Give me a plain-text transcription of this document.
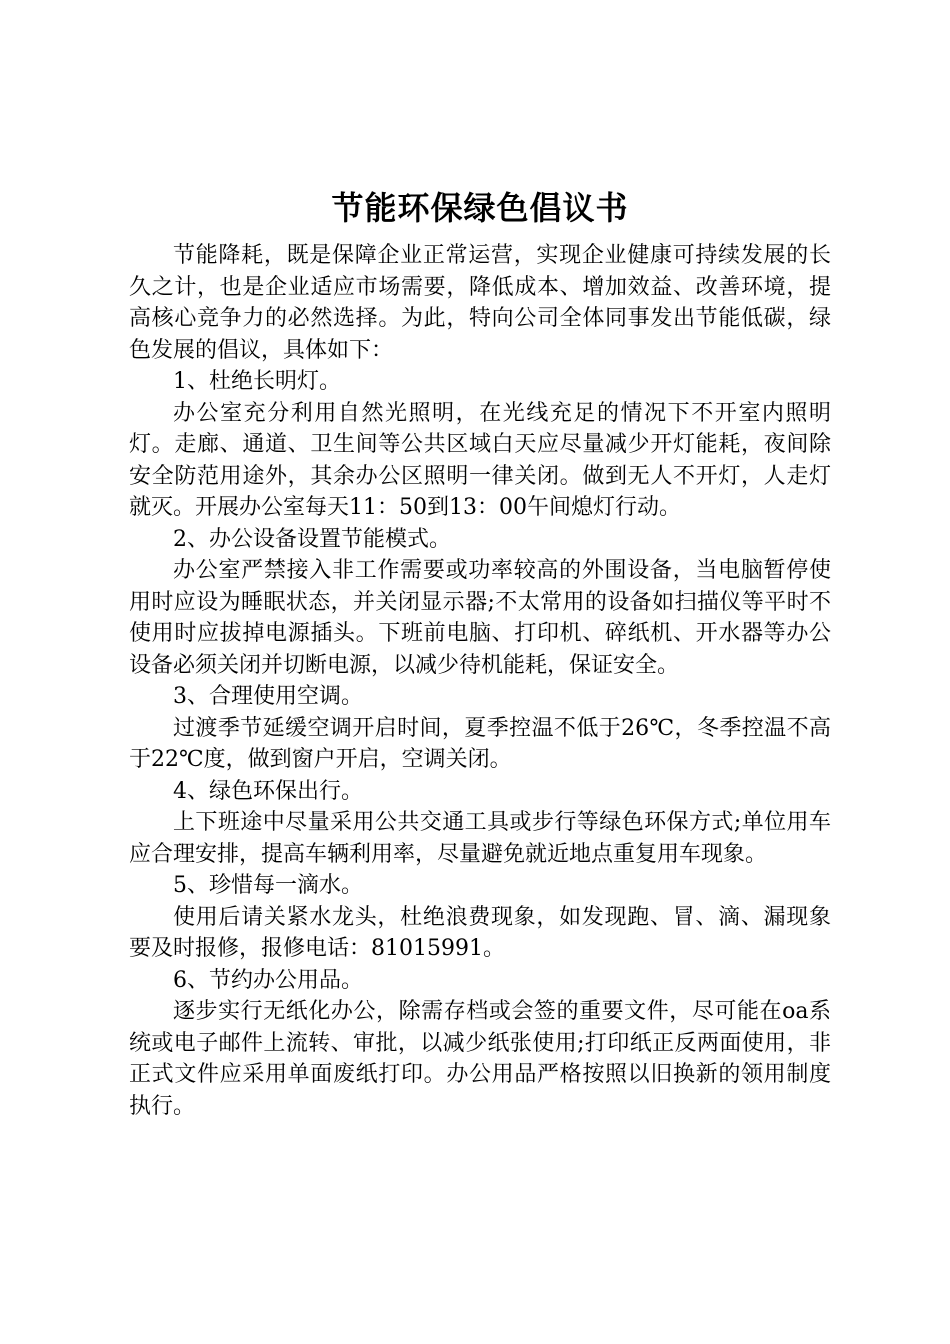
节能环保绿色倡议书

节能降耗，既是保障企业正常运营，实现企业健康可持续发展的长久之计，也是企业适应市场需要，降低成本、增加效益、改善环境，提高核心竞争力的必然选择。为此，特向公司全体同事发出节能低碳，绿色发展的倡议，具体如下：

1、杜绝长明灯。

办公室充分利用自然光照明，在光线充足的情况下不开室内照明灯。走廊、通道、卫生间等公共区域白天应尽量减少开灯能耗，夜间除安全防范用途外，其余办公区照明一律关闭。做到无人不开灯，人走灯就灭。开展办公室每天11：50到13：00午间熄灯行动。

2、办公设备设置节能模式。

办公室严禁接入非工作需要或功率较高的外围设备，当电脑暂停使用时应设为睡眠状态，并关闭显示器;不太常用的设备如扫描仪等平时不使用时应拔掉电源插头。下班前电脑、打印机、碎纸机、开水器等办公设备必须关闭并切断电源，以减少待机能耗，保证安全。

3、合理使用空调。

过渡季节延缓空调开启时间，夏季控温不低于26℃，冬季控温不高于22℃度，做到窗户开启，空调关闭。

4、绿色环保出行。

上下班途中尽量采用公共交通工具或步行等绿色环保方式;单位用车应合理安排，提高车辆利用率，尽量避免就近地点重复用车现象。

5、珍惜每一滴水。

使用后请关紧水龙头，杜绝浪费现象，如发现跑、冒、滴、漏现象要及时报修，报修电话：81015991。

6、节约办公用品。

逐步实行无纸化办公，除需存档或会签的重要文件，尽可能在oa系统或电子邮件上流转、审批，以减少纸张使用;打印纸正反两面使用，非正式文件应采用单面废纸打印。办公用品严格按照以旧换新的领用制度执行。
